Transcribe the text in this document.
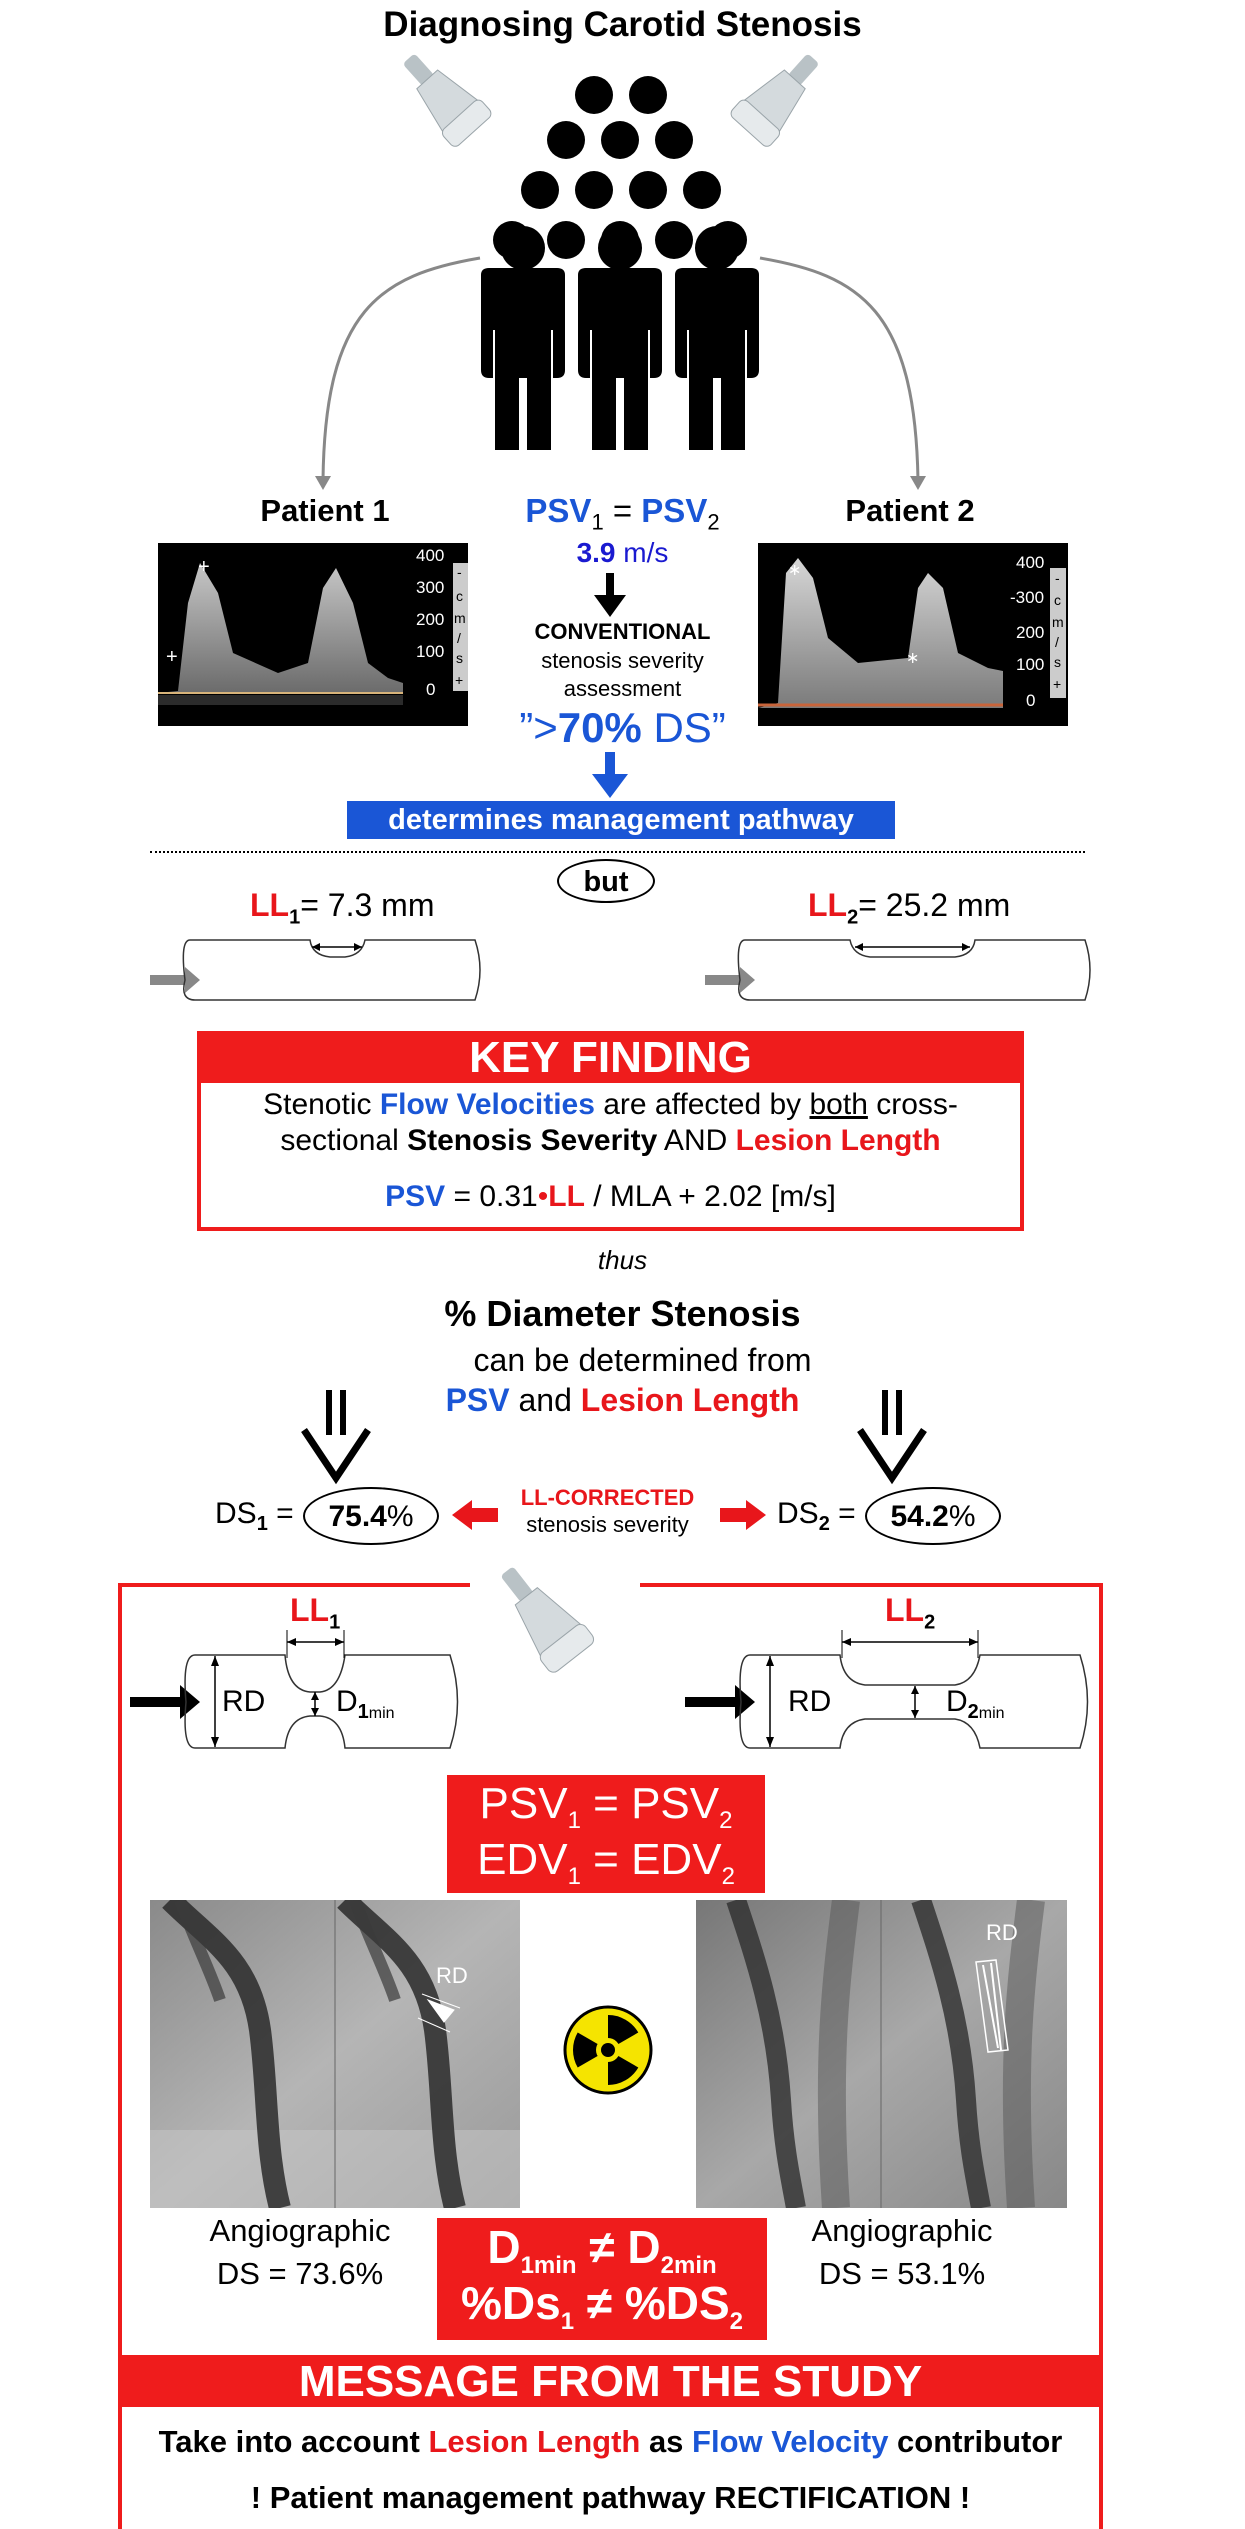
Diagnosing Carotid Stenosis
Patient 1	Patient 2
+
+
400
300
200
100
0
-
c
m
/
s
+
∗
∗
400
-300
200
100
0
-
c
m
/
s
+
$PSV_1 = PSV_2$
3.9 m/s
CONVENTIONAL
stenosis severity
assessment
”>70% DS”
determines management pathway
but
$LL_1= 7.3$ mm	$LL_2= 25.2$ mm
KEY FINDING
Stenotic Flow Velocities are affected by both cross-
sectional Stenosis Severity AND Lesion Length
PSV = 0.31•LL / MLA + 2.02 [m/s]
thus
% Diameter Stenosis
can be determined from
PSV and Lesion Length
$DS_1$ =	75.4%	$DS_2$ =	54.2%
LL-CORRECTED
stenosis severity
$LL_1$	$LL_2$
RD	RD
$D_{1min}$	$D_{2min}$
$PSV_1 = PSV_2$
$EDV_1 = EDV_2$
RD
RD
Angiographic
DS = 73.6%
Angiographic
DS = 53.1%
$D_{1min} \ne D_{2min}$
$\%Ds_1 \ne \%DS_2$
MESSAGE FROM THE STUDY
Take into account Lesion Length as Flow Velocity contributor
! Patient management pathway RECTIFICATION !
